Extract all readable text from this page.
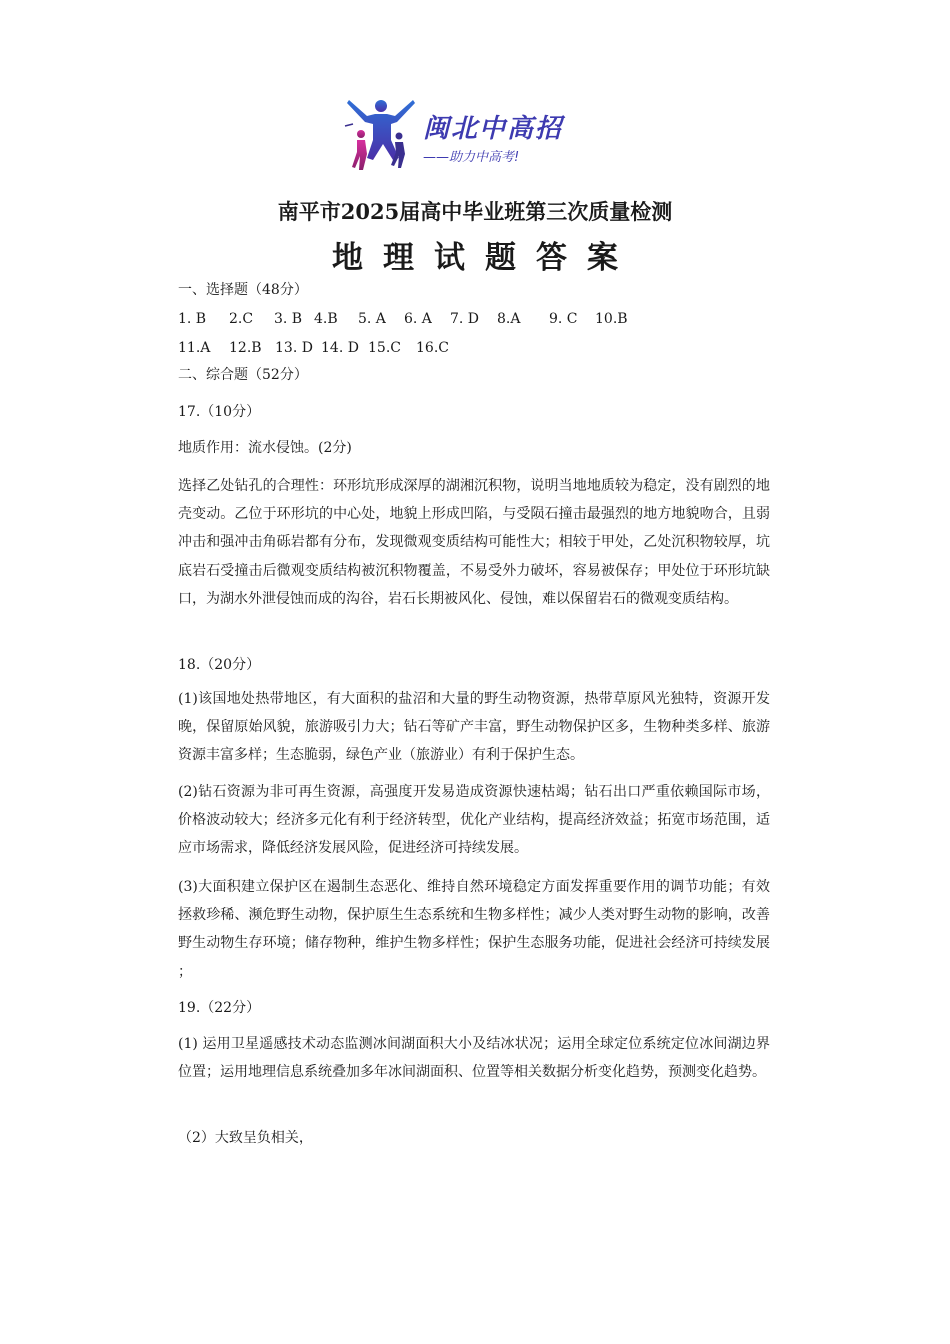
闽北中高招
——助力中高考!
南平市2025届高中毕业班第三次质量检测
地理试题答案
一、选择题（48分）
1. B 2.C 3. B 4.B 5. A 6. A 7. D 8.A 9. C 10.B
11.A 12.B 13. D 14. D 15.C 16.C
二、综合题（52分）
17.（10分）
地质作用：流水侵蚀。(2分)
选择乙处钻孔的合理性：环形坑形成深厚的湖湘沉积物，说明当地地质较为稳定，没有剧烈的地壳变动。乙位于环形坑的中心处，地貌上形成凹陷，与受陨石撞击最强烈的地方地貌吻合，且弱冲击和强冲击角砾岩都有分布，发现微观变质结构可能性大；相较于甲处，乙处沉积物较厚，坑底岩石受撞击后微观变质结构被沉积物覆盖，不易受外力破坏，容易被保存；甲处位于环形坑缺口，为湖水外泄侵蚀而成的沟谷，岩石长期被风化、侵蚀，难以保留岩石的微观变质结构。
18.（20分）
(1)该国地处热带地区，有大面积的盐沼和大量的野生动物资源，热带草原风光独特，资源开发晚，保留原始风貌，旅游吸引力大；钻石等矿产丰富，野生动物保护区多，生物种类多样、旅游资源丰富多样；生态脆弱，绿色产业（旅游业）有利于保护生态。
(2)钻石资源为非可再生资源，高强度开发易造成资源快速枯竭；钻石出口严重依赖国际市场，价格波动较大；经济多元化有利于经济转型，优化产业结构，提高经济效益；拓宽市场范围，适应市场需求，降低经济发展风险，促进经济可持续发展。
(3)大面积建立保护区在遏制生态恶化、维持自然环境稳定方面发挥重要作用的调节功能；有效拯救珍稀、濒危野生动物，保护原生生态系统和生物多样性；减少人类对野生动物的影响，改善野生动物生存环境；储存物种，维护生物多样性；保护生态服务功能，促进社会经济可持续发展 ；
19.（22分）
(1) 运用卫星遥感技术动态监测冰间湖面积大小及结冰状况；运用全球定位系统定位冰间湖边界位置；运用地理信息系统叠加多年冰间湖面积、位置等相关数据分析变化趋势，预测变化趋势。
（2）大致呈负相关，
